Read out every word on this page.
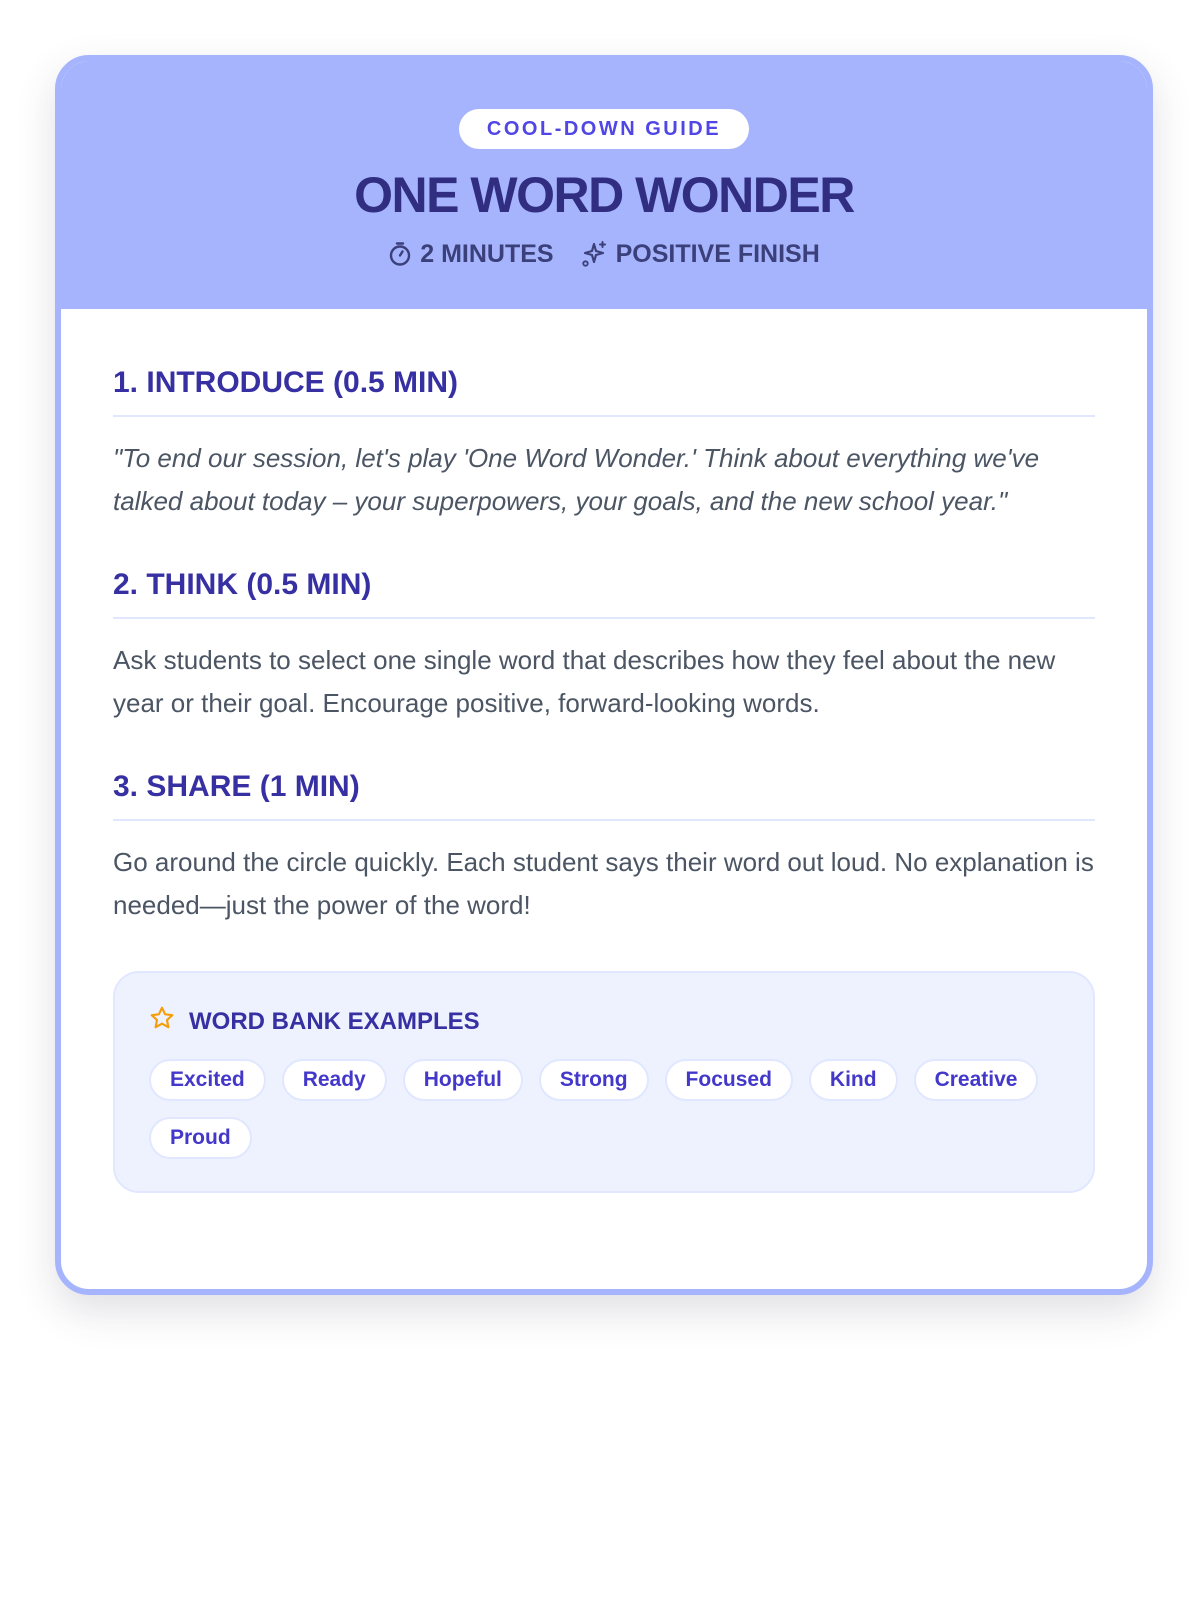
COOL-DOWN GUIDE
ONE WORD WONDER
2 MINUTES POSITIVE FINISH
1. INTRODUCE (0.5 MIN)
"To end our session, let's play 'One Word Wonder.' Think about everything we've talked about today – your superpowers, your goals, and the new school year."
2. THINK (0.5 MIN)
Ask students to select one single word that describes how they feel about the new year or their goal. Encourage positive, forward-looking words.
3. SHARE (1 MIN)
Go around the circle quickly. Each student says their word out loud. No explanation is needed—just the power of the word!
WORD BANK EXAMPLES
Excited	Ready	Hopeful	Strong	Focused	Kind	Creative
Proud
